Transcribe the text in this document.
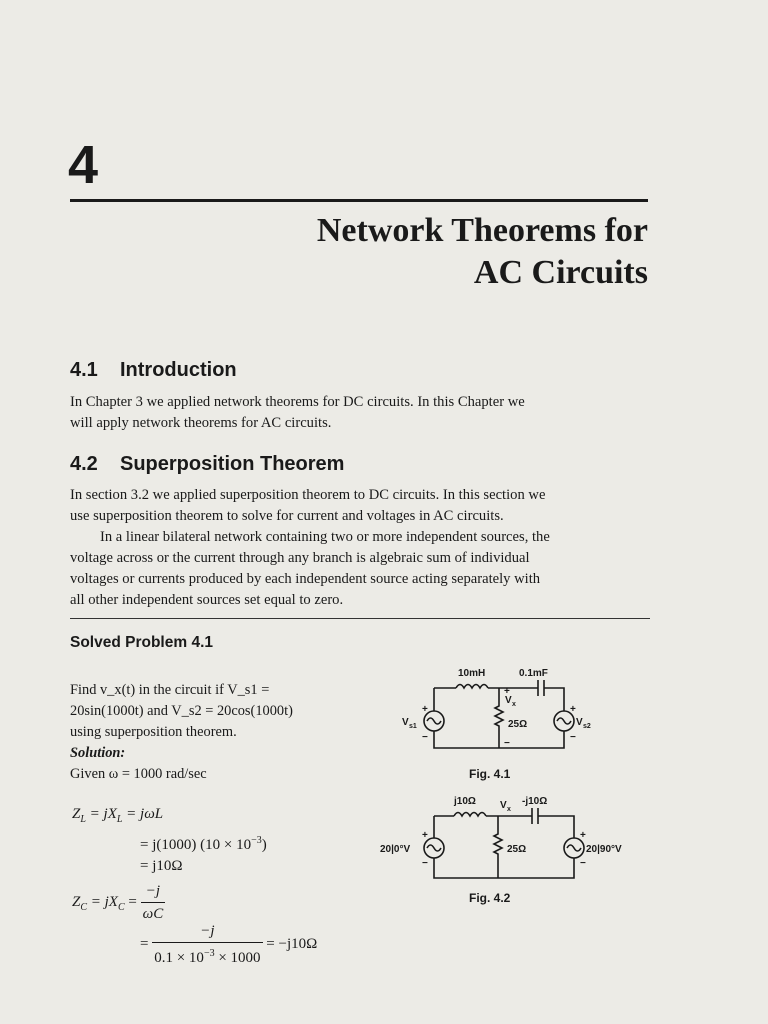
4
Network Theorems for
AC Circuits
4.1 Introduction
In Chapter 3 we applied network theorems for DC circuits. In this Chapter we
will apply network theorems for AC circuits.
4.2 Superposition Theorem
In section 3.2 we applied superposition theorem to DC circuits. In this section we
use superposition theorem to solve for current and voltages in AC circuits.
In a linear bilateral network containing two or more independent sources, the
voltage across or the current through any branch is algebraic sum of individual
voltages or currents produced by each independent source acting separately with
all other independent sources set equal to zero.
Solved Problem 4.1
Find v_x(t) in the circuit if V_s1 =
20sin(1000t) and V_s2 = 20cos(1000t)
using superposition theorem.
Solution:
Given ω = 1000 rad/sec
$Z_L = jX_L = j\omega L$
= j(1000) $(10 \times 10^{-3})$
= j10Ω
$Z_C = jX_C = \frac{-j}{\omega C}$
= $\frac{-j}{0.1 \times 10^{-3} \times 1000} = -j10\Omega$
10mH	0.1mF
25Ω
V x
+
−
V s1
+
−
V s2
+
−
Fig. 4.1
j10Ω	-j10Ω
25Ω
V x
20|0°V
+
−
20|90°V
+
−
Fig. 4.2
